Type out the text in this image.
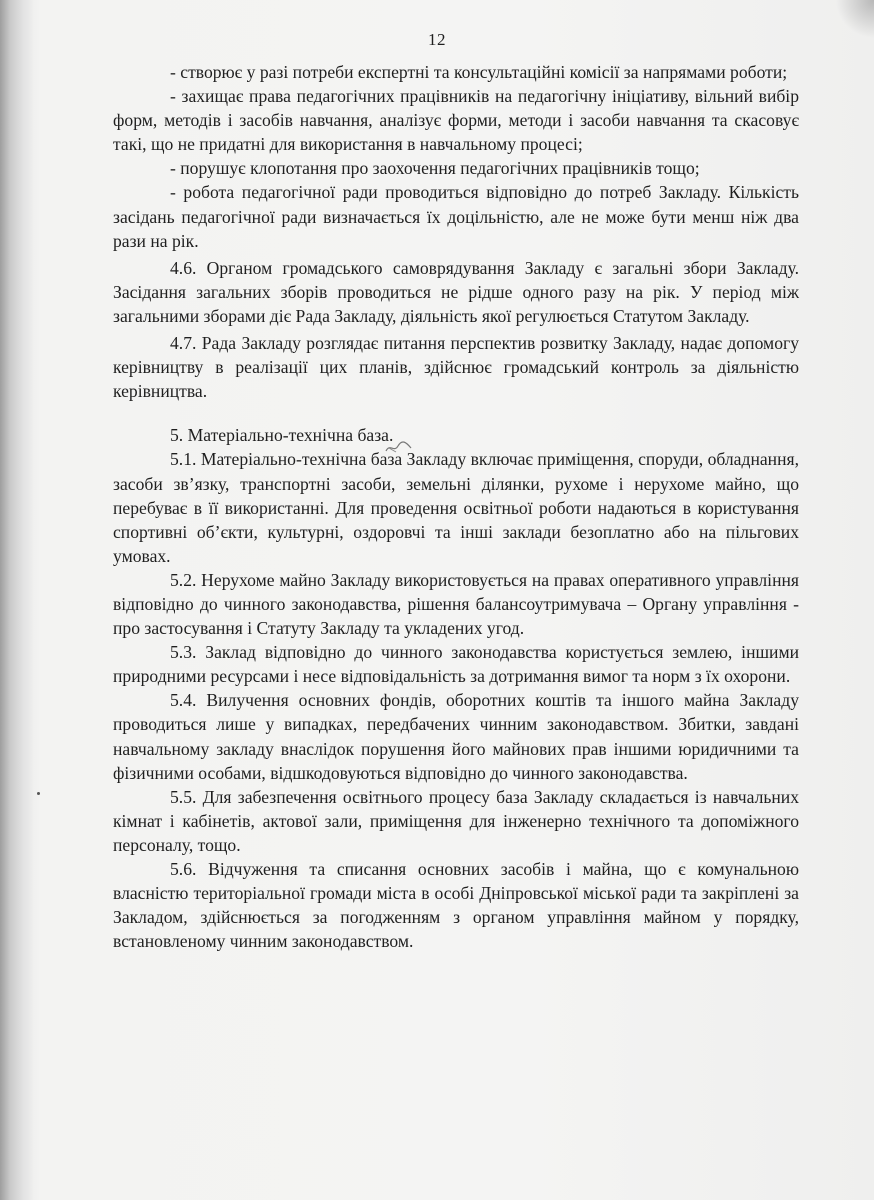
12

- створює у разі потреби експертні та консультаційні комісії за напрямами роботи;

- захищає права педагогічних працівників на педагогічну ініціативу, вільний вибір форм, методів і засобів навчання, аналізує форми, методи і засоби навчання та скасовує такі, що не придатні для використання в навчальному процесі;

- порушує клопотання про заохочення педагогічних працівників тощо;

- робота педагогічної ради проводиться відповідно до потреб Закладу. Кількість засідань педагогічної ради визначається їх доцільністю, але не може бути менш ніж два рази на рік.

4.6. Органом громадського самоврядування Закладу є загальні збори Закладу. Засідання загальних зборів проводиться не рідше одного разу на рік. У період між загальними зборами діє Рада Закладу, діяльність якої регулюється Статутом Закладу.

4.7. Рада Закладу розглядає питання перспектив розвитку Закладу, надає допомогу керівництву в реалізації цих планів, здійснює громадський контроль за діяльністю керівництва.

5. Матеріально-технічна база.

5.1. Матеріально-технічна база Закладу включає приміщення, споруди, обладнання, засоби зв’язку, транспортні засоби, земельні ділянки, рухоме і нерухоме майно, що перебуває в її використанні. Для проведення освітньої роботи надаються в користування спортивні об’єкти, культурні, оздоровчі та інші заклади безоплатно або на пільгових умовах.

5.2. Нерухоме майно Закладу використовується на правах оперативного управління відповідно до чинного законодавства, рішення балансоутримувача – Органу управління - про застосування і Статуту Закладу та укладених угод.

5.3. Заклад відповідно до чинного законодавства користується землею, іншими природними ресурсами і несе відповідальність за дотримання вимог та норм з їх охорони.

5.4. Вилучення основних фондів, оборотних коштів та іншого майна Закладу проводиться лише у випадках, передбачених чинним законодавством. Збитки, завдані навчальному закладу внаслідок порушення його майнових прав іншими юридичними та фізичними особами, відшкодовуються відповідно до чинного законодавства.

5.5. Для забезпечення освітнього процесу база Закладу складається із навчальних кімнат і кабінетів, актової зали, приміщення для інженерно технічного та допоміжного персоналу, тощо.

5.6. Відчуження та списання основних засобів і майна, що є комунальною власністю територіальної громади міста в особі Дніпровської міської ради та закріплені за Закладом, здійснюється за погодженням з органом управління майном у порядку, встановленому чинним законодавством.
